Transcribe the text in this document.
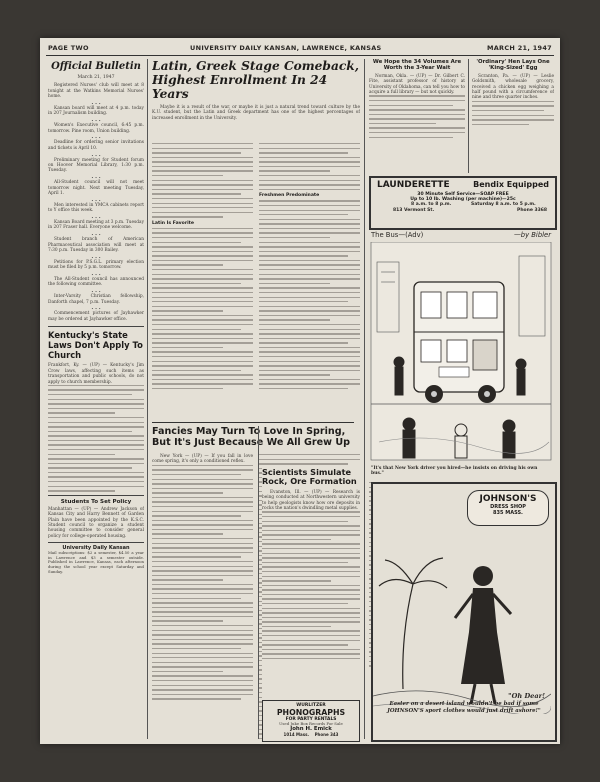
PAGE TWO	UNIVERSITY DAILY KANSAN, LAWRENCE, KANSAS	MARCH 21, 1947
Official Bulletin
March 21, 1947

Registered Nurses' club will meet at 8 tonight at the Watkins Memorial Nurses' home.

• • •

Kansan board will meet at 4 p.m. today in 207 Journalism building.

• • •

Women's Executive council, 6:45 p.m. tomorrow. Pine room, Union building.

• • •

Deadline for ordering senior invitations and tickets is April 10.

• • •

Preliminary meeting for Student forum on Hoover Memorial Library, 1:30 p.m. Tuesday.

• • •

All-Student council will not meet tomorrow night. Next meeting Tuesday, April 1.

• • •

Men interested in YMCA cabinets report to Y office this week.

• • •

Kansan Board meeting at 3 p.m. Tuesday in 207 Fraser hall. Everyone welcome.

• • •

Student branch of American Pharmaceutical association will meet at 7:30 p.m. Tuesday in 300 Bailey.

• • •

Petitions for P.S.G.L. primary election must be filed by 5 p.m. tomorrow.

• • •

The All-Student council has announced the following committee.

• • •

Inter-Varsity Christian fellowship, Danforth chapel, 7 p.m. Tuesday.

• • •

Commencement pictures of Jayhawker may be ordered at Jayhawker office.

Kentucky's State Laws Don't Apply To Church

Frankfort, Ky. — (UP) — Kentucky's Jim Crow laws, affecting such items as transportation and public schools, do not apply to church membership.

Students To Set Policy

Manhattan — (UP) — Andrew Jackson of Kansas City and Harry Bennett of Garden Plain have been appointed by the K.S.C. Student council to organize a student housing committee to consider general policy for college-operated housing.

University Daily Kansan

Mail subscriptions: $2 a semester, $4.50 a year in Lawrence and $3 a semester outside. Published in Lawrence, Kansas, each afternoon during the school year except Saturday and Sunday.

Latin, Greek Stage Comeback, Highest Enrollment In 24 Years

Maybe it is a result of the war, or maybe it is just a natural trend toward culture by the K.U. student, but the Latin and Greek department has one of the highest percentages of increased enrollment in the University.

Latin Is Favorite
Freshmen Predominate
Fancies May Turn To Love In Spring, But It's Just Because We All Grew Up

New York — (UP) — If you fall in love come spring, it's only a conditioned reflex.

Scientists Simulate Rock, Ore Formation

Evanston, Ill. — (UP) — Research is being conducted at Northwestern university to help geologists know how ore deposits in rocks the nation's dwindling metal supplies.

WURLITZER
PHONOGRAPHS
FOR PARTY RENTALS
Used Juke Box Records For Sale
John H. Emick
1014 Mass. Phone 343
We Hope the 34 Volumes Are Worth the 3-Year Wait

Norman, Okla. — (UP) — Dr. Gilbert C. Fite, assistant professor of history at University of Oklahoma, can tell you how to acquire a full library — but not quickly.

'Ordinary' Hen Lays One 'King-Sized' Egg

Scranton, Pa. — (UP) — Leslie Goldsmith, wholesale grocery, received a chicken egg weighing a half pound with a circumference of nine and three quarter inches.

LAUNDERETTE	Bendix Equipped
30 Minute Self Service—SOAP FREE
Up to 10 lb. Washing (per machine)—25c
8 a.m. to 8 p.m.	Saturday 8 a.m. to 5 p.m.
813 Vermont St.	Phone 3368
The Bus—(Adv)	—by Bibler
"It's that New York driver you hired—he insists on driving his own bus."
JOHNSON'S
DRESS SHOP
835 MASS.
"Oh Dear!
Easter on a desert island wouldn't be bad if some JOHNSON'S sport clothes would just drift ashore!"
